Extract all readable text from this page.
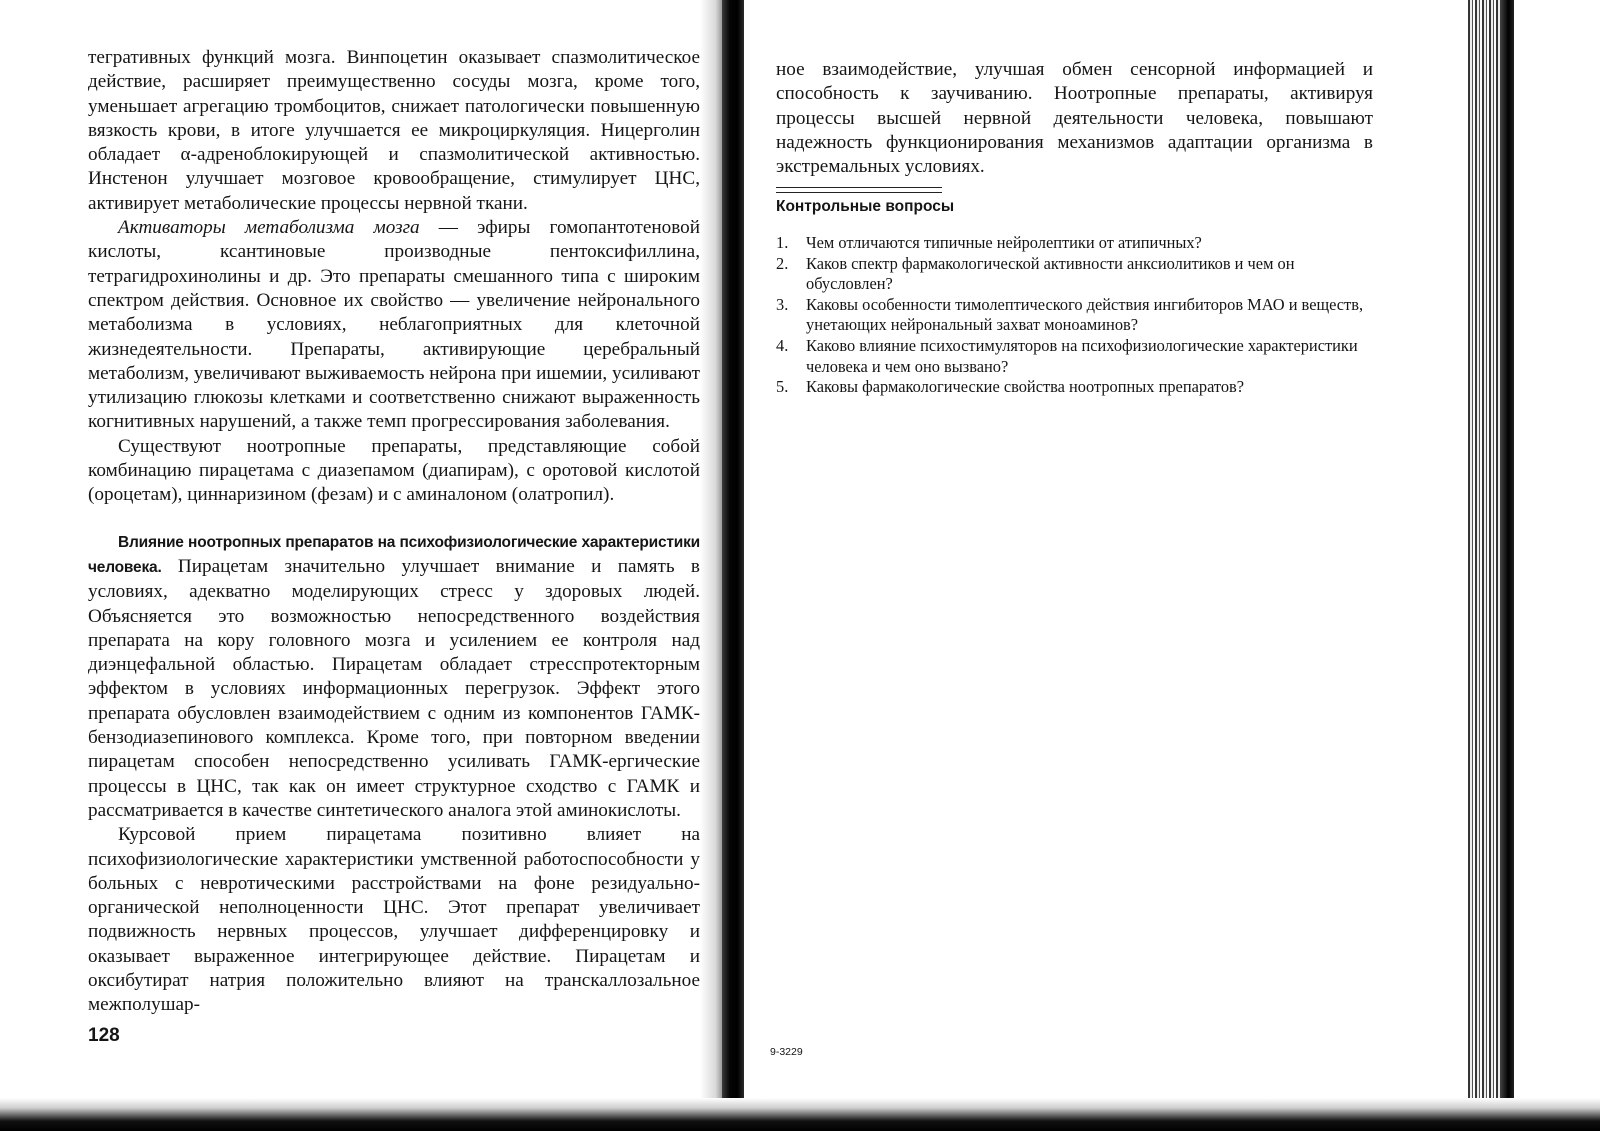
тегративных функций мозга. Винпоцетин оказывает спазмолитическое действие, расширяет преимущественно сосуды мозга, кроме того, уменьшает агрегацию тромбоцитов, снижает патологически повышенную вязкость крови, в итоге улучшается ее микроциркуляция. Ницерголин обладает α-адреноблокирующей и спазмолитической активностью. Инстенон улучшает мозговое кровообращение, стимулирует ЦНС, активирует метаболические процессы нервной ткани.

Активаторы метаболизма мозга — эфиры гомопантотеновой кислоты, ксантиновые производные пентоксифиллина, тетрагидрохинолины и др. Это препараты смешанного типа с широким спектром действия. Основное их свойство — увеличение нейронального метаболизма в условиях, неблагоприятных для клеточной жизнедеятельности. Препараты, активирующие церебральный метаболизм, увеличивают выживаемость нейрона при ишемии, усиливают утилизацию глюкозы клетками и соответственно снижают выраженность когнитивных нарушений, а также темп прогрессирования заболевания.

Существуют ноотропные препараты, представляющие собой комбинацию пирацетама с диазепамом (диапирам), с оротовой кислотой (ороцетам), циннаризином (фезам) и с аминалоном (олатропил).

Влияние ноотропных препаратов на психофизиологические характеристики человека. Пирацетам значительно улучшает внимание и память в условиях, адекватно моделирующих стресс у здоровых людей. Объясняется это возможностью непосредственного воздействия препарата на кору головного мозга и усилением ее контроля над диэнцефальной областью. Пирацетам обладает стресспротекторным эффектом в условиях информационных перегрузок. Эффект этого препарата обусловлен взаимодействием с одним из компонентов ГАМК-бензодиазепинового комплекса. Кроме того, при повторном введении пирацетам способен непосредственно усиливать ГАМК-ергические процессы в ЦНС, так как он имеет структурное сходство с ГАМК и рассматривается в качестве синтетического аналога этой аминокислоты.

Курсовой прием пирацетама позитивно влияет на психофизиологические характеристики умственной работоспособности у больных с невротическими расстройствами на фоне резидуально-органической неполноценности ЦНС. Этот препарат увеличивает подвижность нервных процессов, улучшает дифференцировку и оказывает выраженное интегрирующее действие. Пирацетам и оксибутират натрия положительно влияют на транскаллозальное межполушар-

128

ное взаимодействие, улучшая обмен сенсорной информацией и способность к заучиванию. Ноотропные препараты, активируя процессы высшей нервной деятельности человека, повышают надежность функционирования механизмов адаптации организма в экстремальных условиях.

Контрольные вопросы
1. Чем отличаются типичные нейролептики от атипичных?
2. Каков спектр фармакологической активности анксиолитиков и чем он обусловлен?
3. Каковы особенности тимолептического действия ингибиторов МАО и веществ, унетающих нейрональный захват моноаминов?
4. Каково влияние психостимуляторов на психофизиологические характеристики человека и чем оно вызвано?
5. Каковы фармакологические свойства ноотропных препаратов?
9-3229
